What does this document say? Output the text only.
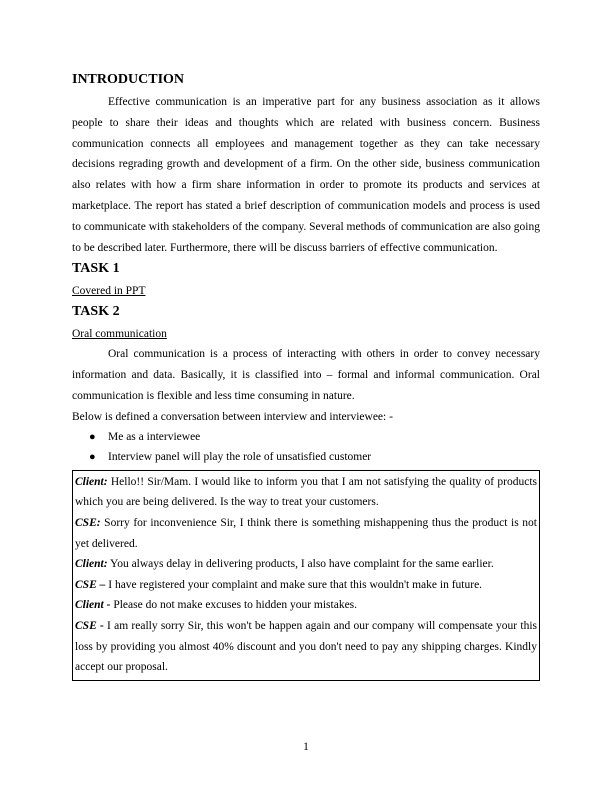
INTRODUCTION

Effective communication is an imperative part for any business association as it allows people to share their ideas and thoughts which are related with business concern. Business communication connects all employees and management together as they can take necessary decisions regrading growth and development of a firm. On the other side, business communication also relates with how a firm share information in order to promote its products and services at marketplace. The report has stated a brief description of communication models and process is used to communicate with stakeholders of the company. Several methods of communication are also going to be described later. Furthermore, there will be discuss barriers of effective communication.

TASK 1

Covered in PPT

TASK 2

Oral communication

Oral communication is a process of interacting with others in order to convey necessary information and data. Basically, it is classified into – formal and informal communication. Oral communication is flexible and less time consuming in nature.

Below is defined a conversation between interview and interviewee: -

● Me as a interviewee
● Interview panel will play the role of unsatisfied customer

Client: Hello!! Sir/Mam. I would like to inform you that I am not satisfying the quality of products which you are being delivered. Is the way to treat your customers.

CSE: Sorry for inconvenience Sir, I think there is something mishappening thus the product is not yet delivered.

Client: You always delay in delivering products, I also have complaint for the same earlier.

CSE – I have registered your complaint and make sure that this wouldn't make in future.

Client - Please do not make excuses to hidden your mistakes.

CSE - I am really sorry Sir, this won't be happen again and our company will compensate your this loss by providing you almost 40% discount and you don't need to pay any shipping charges. Kindly accept our proposal.

1
